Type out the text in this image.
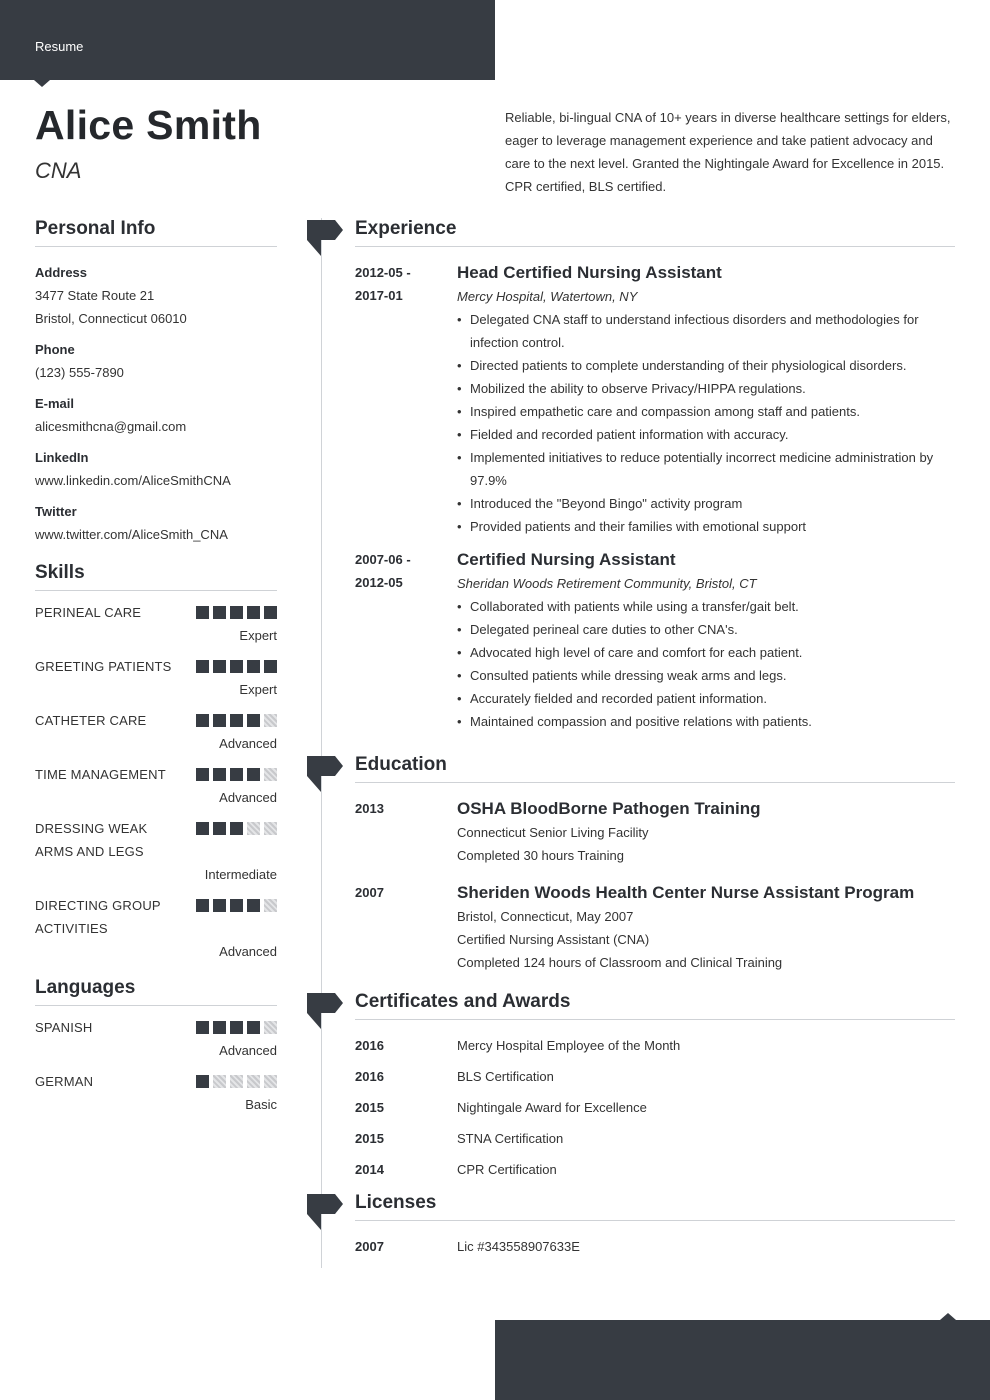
Resume
Alice Smith
CNA

Reliable, bi-lingual CNA of 10+ years in diverse healthcare settings for elders, eager to leverage management experience and take patient advocacy and care to the next level. Granted the Nightingale Award for Excellence in 2015. CPR certified, BLS certified.

Personal Info
Address
3477 State Route 21
Bristol, Connecticut 06010
Phone
(123) 555-7890
E-mail
alicesmithcna@gmail.com
LinkedIn
www.linkedin.com/AliceSmithCNA
Twitter
www.twitter.com/AliceSmith_CNA
Skills
PERINEAL CARE
Expert
GREETING PATIENTS
Expert
CATHETER CARE
Advanced
TIME MANAGEMENT
Advanced
DRESSING WEAK ARMS AND LEGS
Intermediate
DIRECTING GROUP ACTIVITIES
Advanced
Languages
SPANISH
Advanced
GERMAN
Basic
Experience
2012-05 -
2017-01
Head Certified Nursing Assistant
Mercy Hospital, Watertown, NY
• Delegated CNA staff to understand infectious disorders and methodologies for infection control.
• Directed patients to complete understanding of their physiological disorders.
• Mobilized the ability to observe Privacy/HIPPA regulations.
• Inspired empathetic care and compassion among staff and patients.
• Fielded and recorded patient information with accuracy.
• Implemented initiatives to reduce potentially incorrect medicine administration by 97.9%
• Introduced the "Beyond Bingo" activity program
• Provided patients and their families with emotional support
2007-06 -
2012-05
Certified Nursing Assistant
Sheridan Woods Retirement Community, Bristol, CT
• Collaborated with patients while using a transfer/gait belt.
• Delegated perineal care duties to other CNA's.
• Advocated high level of care and comfort for each patient.
• Consulted patients while dressing weak arms and legs.
• Accurately fielded and recorded patient information.
• Maintained compassion and positive relations with patients.
Education
2013	OSHA BloodBorne Pathogen Training
Connecticut Senior Living Facility
Completed 30 hours Training
2007	Sheriden Woods Health Center Nurse Assistant Program
Bristol, Connecticut, May 2007
Certified Nursing Assistant (CNA)
Completed 124 hours of Classroom and Clinical Training
Certificates and Awards
2016	Mercy Hospital Employee of the Month
2016	BLS Certification
2015	Nightingale Award for Excellence
2015	STNA Certification
2014	CPR Certification
Licenses
2007	Lic #343558907633E
